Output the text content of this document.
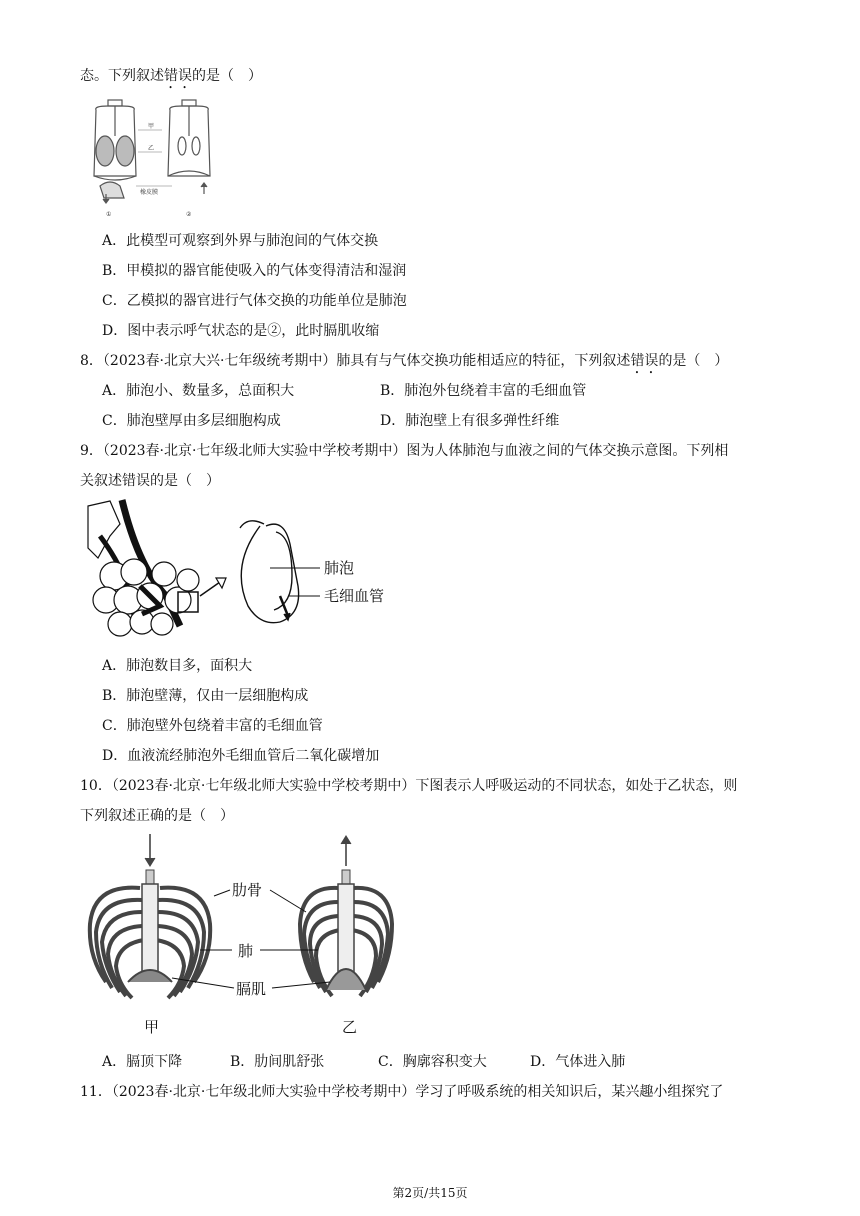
态。下列叙述错误的是（　）
甲
乙
橡皮膜
①	②
A．此模型可观察到外界与肺泡间的气体交换
B．甲模拟的器官能使吸入的气体变得清洁和湿润
C．乙模拟的器官进行气体交换的功能单位是肺泡
D．图中表示呼气状态的是②，此时膈肌收缩
8．（2023春·北京大兴·七年级统考期中）肺具有与气体交换功能相适应的特征，下列叙述错误的是（　）
A．肺泡小、数量多，总面积大	B．肺泡外包绕着丰富的毛细血管
C．肺泡壁厚由多层细胞构成	D．肺泡壁上有很多弹性纤维
9．（2023春·北京·七年级北师大实验中学校考期中）图为人体肺泡与血液之间的气体交换示意图。下列相
关叙述错误的是（　）
肺泡
毛细血管
A．肺泡数目多，面积大
B．肺泡壁薄，仅由一层细胞构成
C．肺泡壁外包绕着丰富的毛细血管
D．血液流经肺泡外毛细血管后二氧化碳增加
10．（2023春·北京·七年级北师大实验中学校考期中）下图表示人呼吸运动的不同状态，如处于乙状态，则
下列叙述正确的是（　）
肋骨
肺
膈肌
甲	乙
A．膈顶下降	B．肋间肌舒张	C．胸廓容积变大	D．气体进入肺
11．（2023春·北京·七年级北师大实验中学校考期中）学习了呼吸系统的相关知识后，某兴趣小组探究了
第2页/共15页
